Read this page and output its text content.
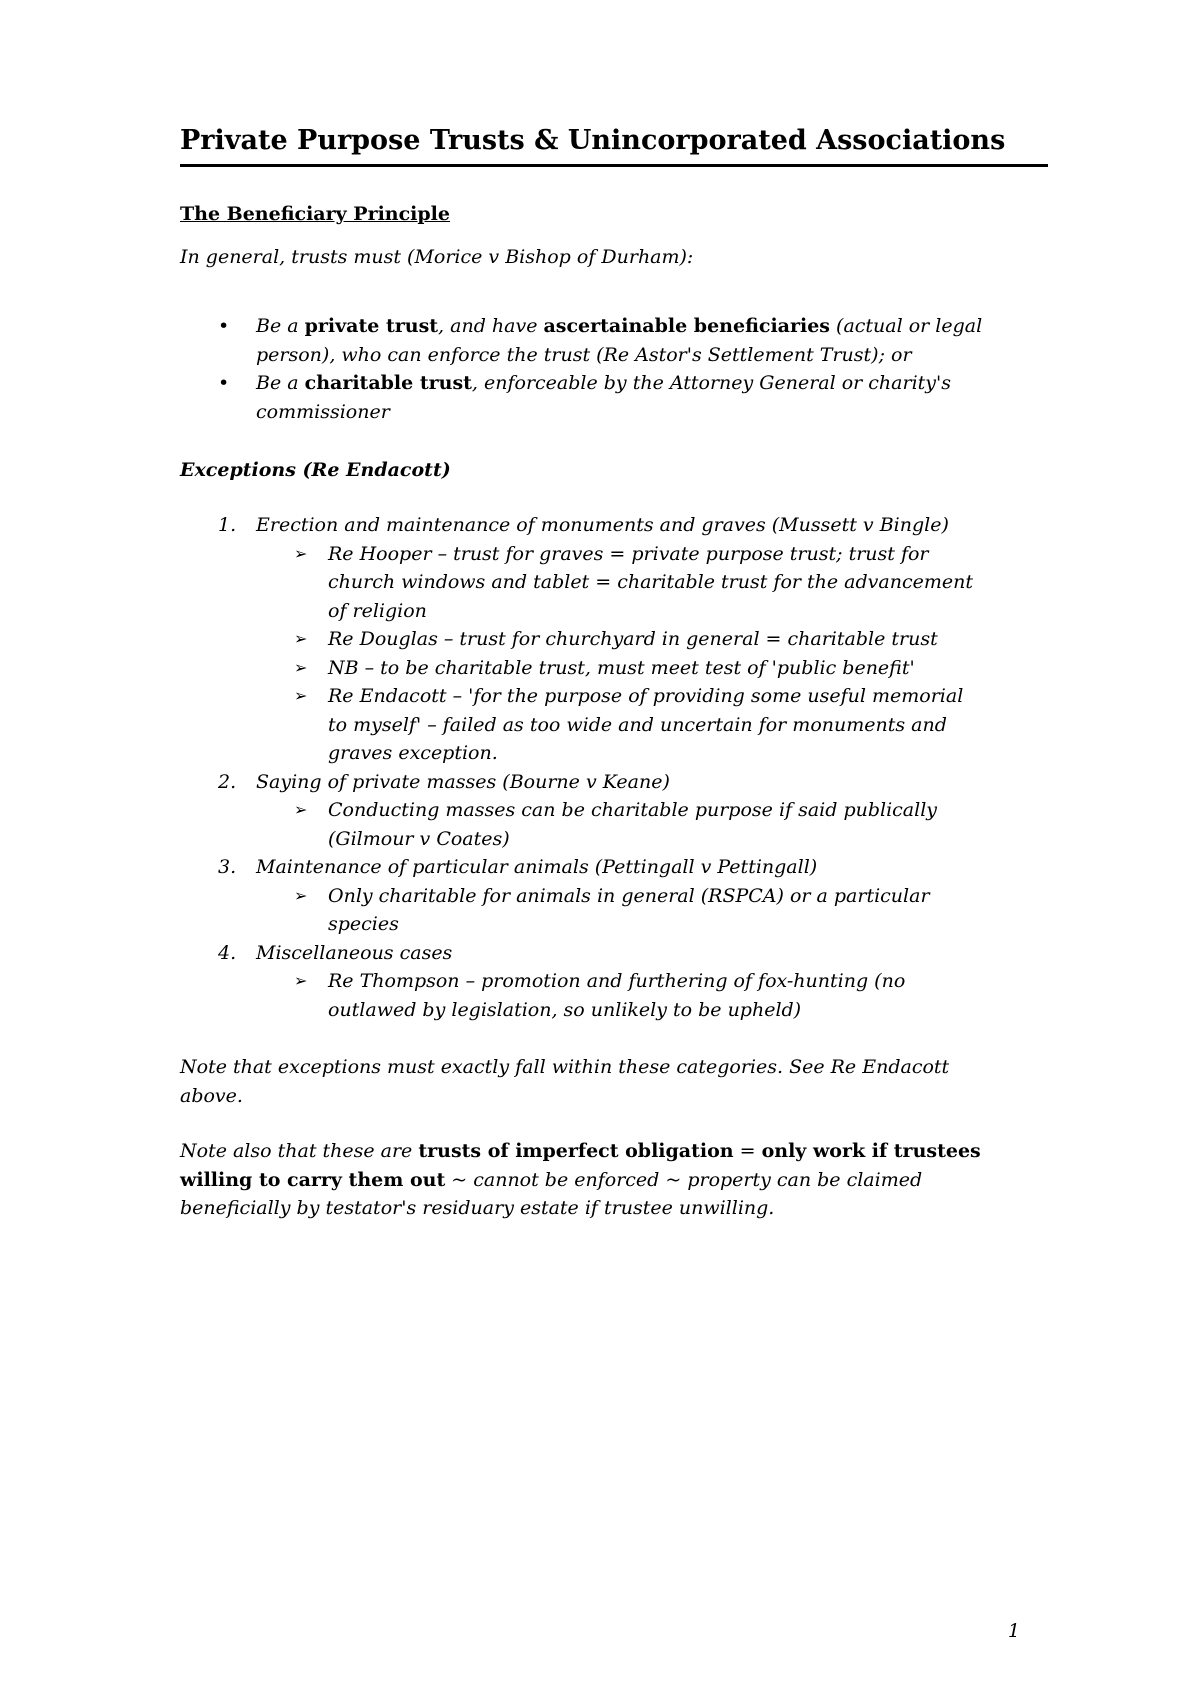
Private Purpose Trusts & Unincorporated Associations
The Beneficiary Principle

In general, trusts must (Morice v Bishop of Durham):

• Be a private trust, and have ascertainable beneficiaries (actual or legal
person), who can enforce the trust (Re Astor's Settlement Trust); or
• Be a charitable trust, enforceable by the Attorney General or charity's
commissioner
Exceptions (Re Endacott)
1. Erection and maintenance of monuments and graves (Mussett v Bingle)
➢ Re Hooper – trust for graves = private purpose trust; trust for
church windows and tablet = charitable trust for the advancement
of religion
➢ Re Douglas – trust for churchyard in general = charitable trust
➢ NB – to be charitable trust, must meet test of 'public benefit'
➢ Re Endacott – 'for the purpose of providing some useful memorial
to myself' – failed as too wide and uncertain for monuments and
graves exception.
2. Saying of private masses (Bourne v Keane)
➢ Conducting masses can be charitable purpose if said publically
(Gilmour v Coates)
3. Maintenance of particular animals (Pettingall v Pettingall)
➢ Only charitable for animals in general (RSPCA) or a particular
species
4. Miscellaneous cases
➢ Re Thompson – promotion and furthering of fox-hunting (no
outlawed by legislation, so unlikely to be upheld)

Note that exceptions must exactly fall within these categories. See Re Endacott
above.

Note also that these are trusts of imperfect obligation = only work if trustees
willing to carry them out ~ cannot be enforced ~ property can be claimed
beneficially by testator's residuary estate if trustee unwilling.

1
